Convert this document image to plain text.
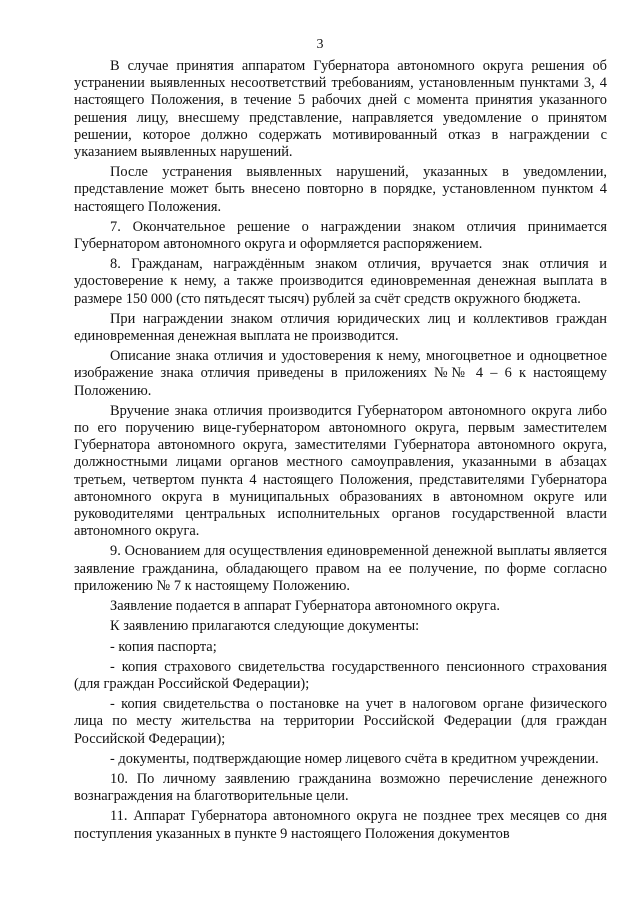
3

В случае принятия аппаратом Губернатора автономного округа решения об устранении выявленных несоответствий требованиям, установленным пунктами 3, 4 настоящего Положения, в течение 5 рабочих дней с момента принятия указанного решения лицу, внесшему представление, направляется уведомление о принятом решении, которое должно содержать мотивированный отказ в награждении с указанием выявленных нарушений.

После устранения выявленных нарушений, указанных в уведомлении, представление может быть внесено повторно в порядке, установленном пунктом 4 настоящего Положения.

7. Окончательное решение о награждении знаком отличия принимается Губернатором автономного округа и оформляется распоряжением.

8. Гражданам, награждённым знаком отличия, вручается знак отличия и удостоверение к нему, а также производится единовременная денежная выплата в размере 150 000 (сто пятьдесят тысяч) рублей за счёт средств окружного бюджета.

При награждении знаком отличия юридических лиц и коллективов граждан единовременная денежная выплата не производится.

Описание знака отличия и удостоверения к нему, многоцветное и одноцветное изображение знака отличия приведены в приложениях №№ 4 – 6 к настоящему Положению.

Вручение знака отличия производится Губернатором автономного округа либо по его поручению вице-губернатором автономного округа, первым заместителем Губернатора автономного округа, заместителями Губернатора автономного округа, должностными лицами органов местного самоуправления, указанными в абзацах третьем, четвертом пункта 4 настоящего Положения, представителями Губернатора автономного округа в муниципальных образованиях в автономном округе или руководителями центральных исполнительных органов государственной власти автономного округа.

9. Основанием для осуществления единовременной денежной выплаты является заявление гражданина, обладающего правом на ее получение, по форме согласно приложению № 7 к настоящему Положению.

Заявление подается в аппарат Губернатора автономного округа.

К заявлению прилагаются следующие документы:

- копия паспорта;

- копия страхового свидетельства государственного пенсионного страхования (для граждан Российской Федерации);

- копия свидетельства о постановке на учет в налоговом органе физического лица по месту жительства на территории Российской Федерации (для граждан Российской Федерации);

- документы, подтверждающие номер лицевого счёта в кредитном учреждении.

10. По личному заявлению гражданина возможно перечисление денежного вознаграждения на благотворительные цели.

11. Аппарат Губернатора автономного округа не позднее трех месяцев со дня поступления указанных в пункте 9 настоящего Положения документов
